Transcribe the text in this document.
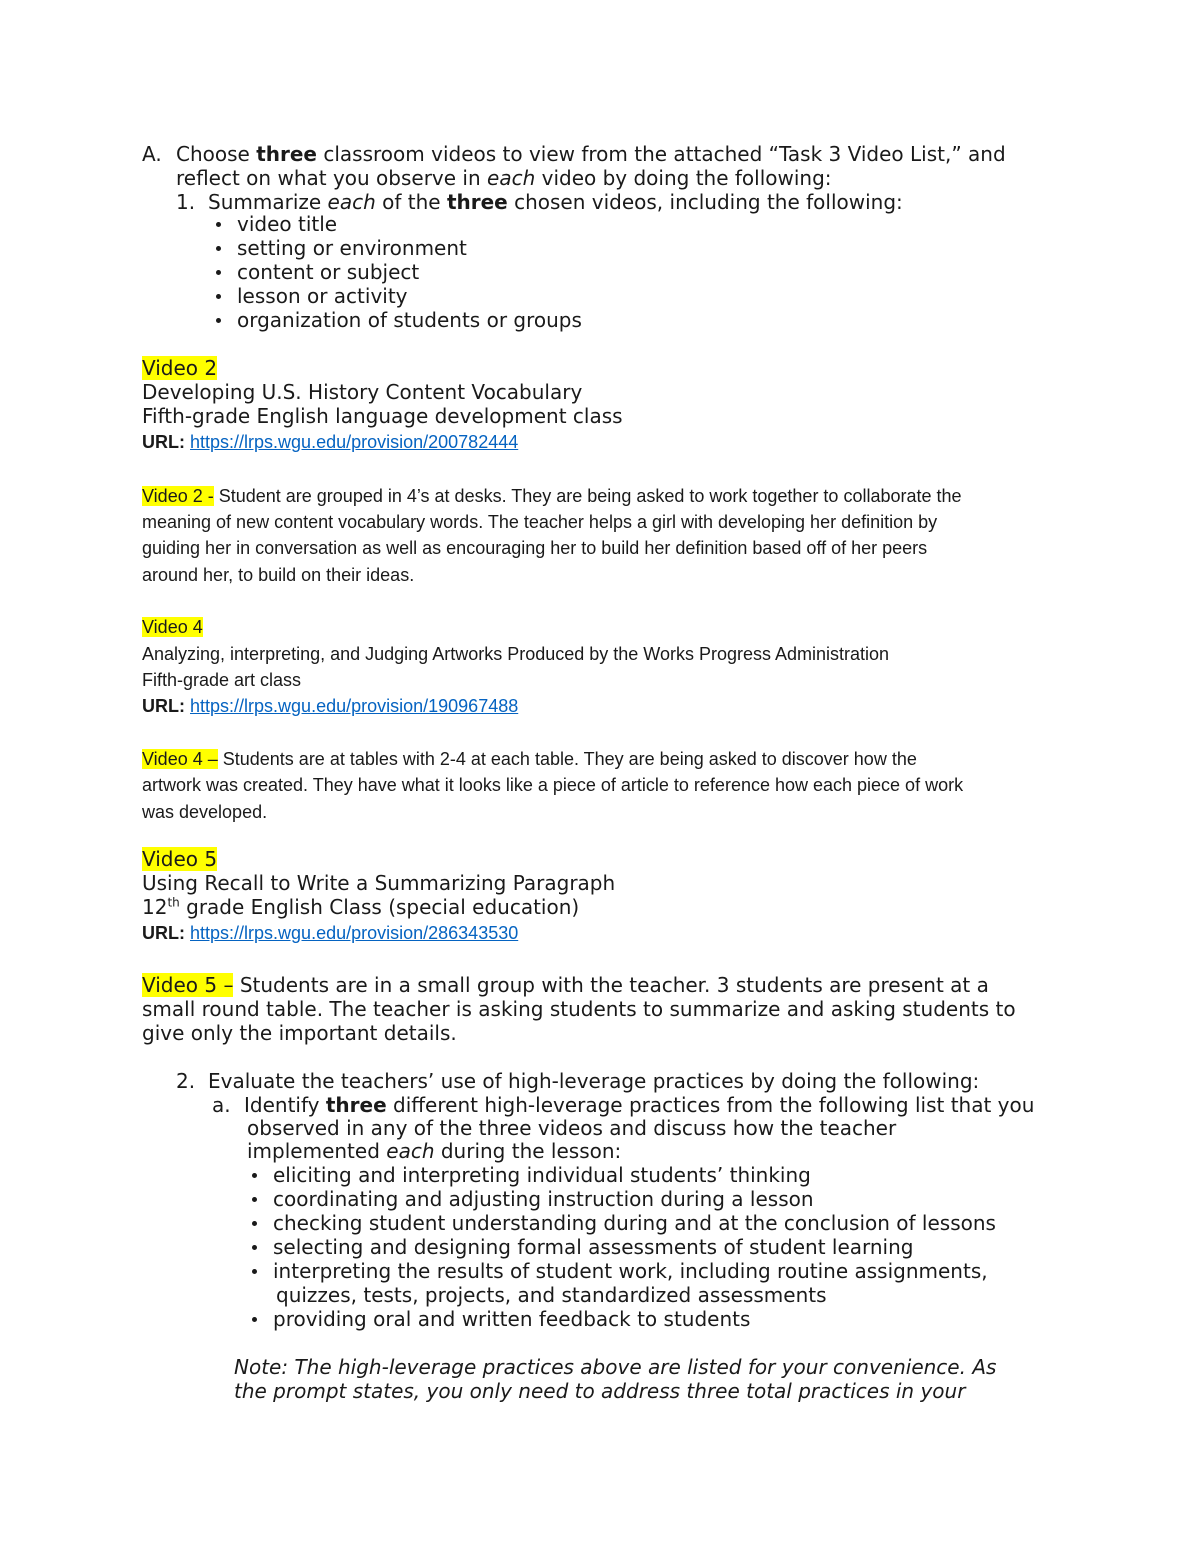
A. Choose three classroom videos to view from the attached “Task 3 Video List,” and
reflect on what you observe in each video by doing the following:
1. Summarize each of the three chosen videos, including the following:
video title
setting or environment
content or subject
lesson or activity
organization of students or groups
Video 2
Developing U.S. History Content Vocabulary
Fifth-grade English language development class
URL: https://lrps.wgu.edu/provision/200782444
Video 2 - Student are grouped in 4’s at desks. They are being asked to work together to collaborate the
meaning of new content vocabulary words. The teacher helps a girl with developing her definition by
guiding her in conversation as well as encouraging her to build her definition based off of her peers
around her, to build on their ideas.
Video 4
Analyzing, interpreting, and Judging Artworks Produced by the Works Progress Administration
Fifth-grade art class
URL: https://lrps.wgu.edu/provision/190967488
Video 4 – Students are at tables with 2-4 at each table. They are being asked to discover how the
artwork was created. They have what it looks like a piece of article to reference how each piece of work
was developed.
Video 5
Using Recall to Write a Summarizing Paragraph
12th grade English Class (special education)
URL: https://lrps.wgu.edu/provision/286343530
Video 5 – Students are in a small group with the teacher. 3 students are present at a
small round table. The teacher is asking students to summarize and asking students to
give only the important details.
2. Evaluate the teachers’ use of high-leverage practices by doing the following:
a. Identify three different high-leverage practices from the following list that you
observed in any of the three videos and discuss how the teacher
implemented each during the lesson:
eliciting and interpreting individual students’ thinking
coordinating and adjusting instruction during a lesson
checking student understanding during and at the conclusion of lessons
selecting and designing formal assessments of student learning
interpreting the results of student work, including routine assignments,
quizzes, tests, projects, and standardized assessments
providing oral and written feedback to students
Note: The high-leverage practices above are listed for your convenience. As
the prompt states, you only need to address three total practices in your
